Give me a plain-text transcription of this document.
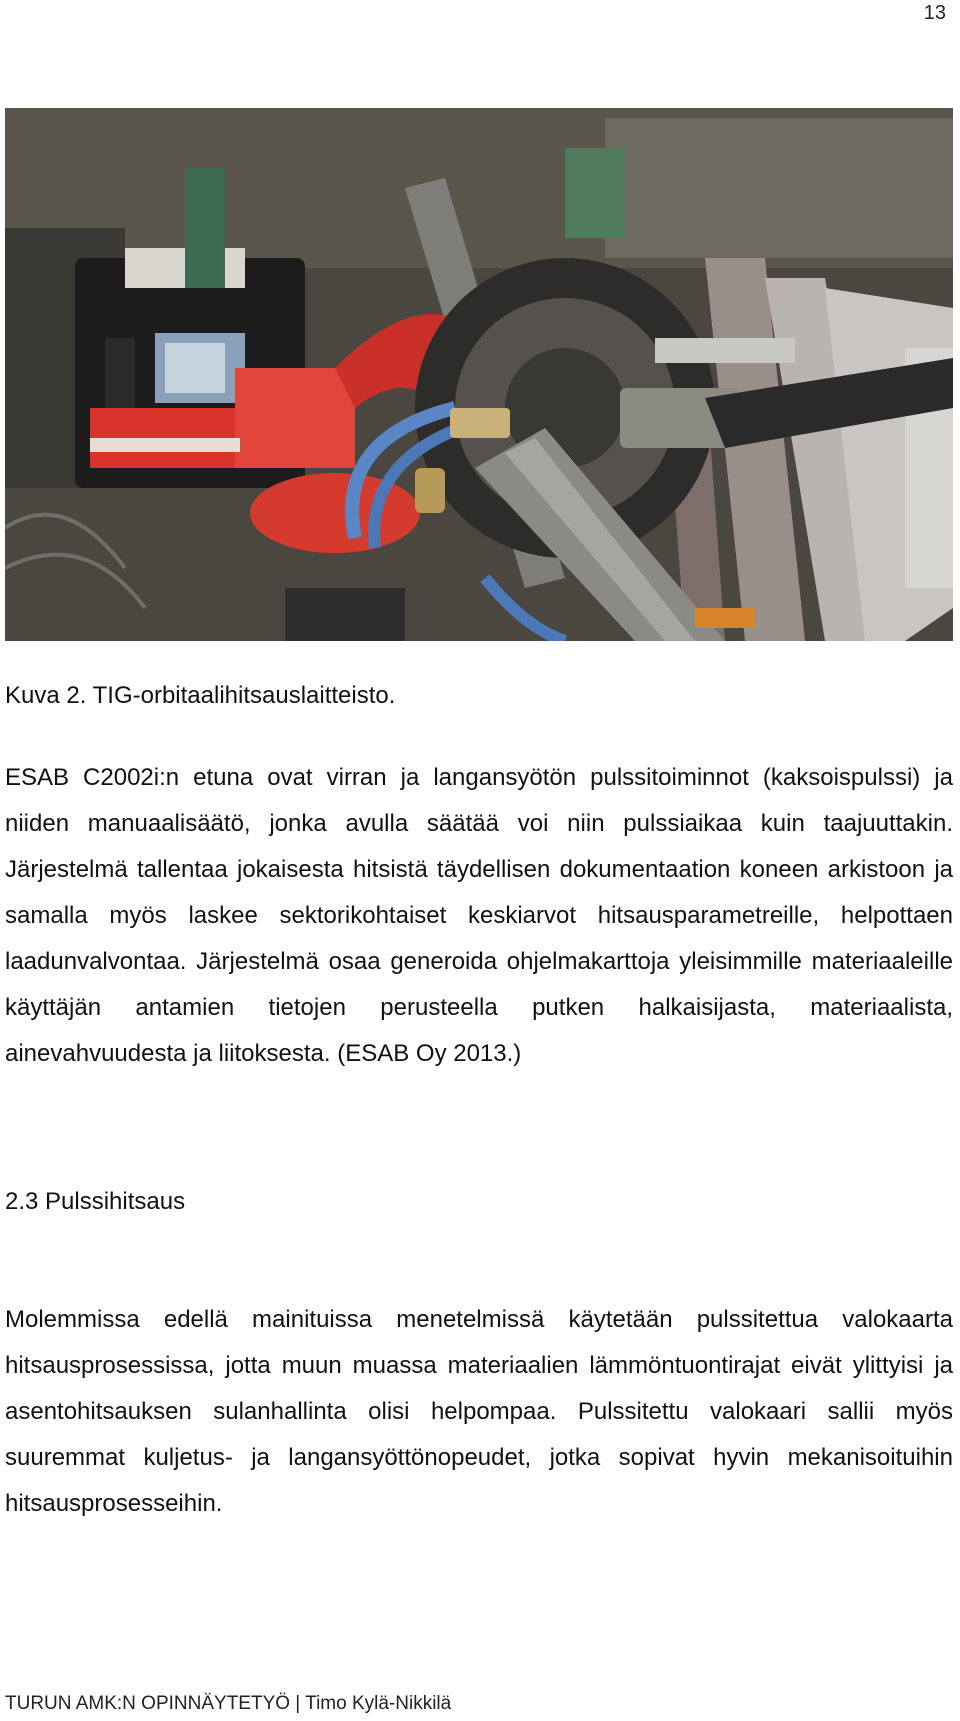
13
Kuva 2. TIG-orbitaalihitsauslaitteisto.

ESAB C2002i:n etuna ovat virran ja langansyötön pulssitoiminnot (kaksoispulssi) ja niiden manuaalisäätö, jonka avulla säätää voi niin pulssiaikaa kuin taajuuttakin. Järjestelmä tallentaa jokaisesta hitsistä täydellisen dokumentaation koneen arkistoon ja samalla myös laskee sektorikohtaiset keskiarvot hitsausparametreille, helpottaen laadunvalvontaa. Järjestelmä osaa generoida ohjelmakarttoja yleisimmille materiaaleille käyttäjän antamien tietojen perusteella putken halkaisijasta, materiaalista, ainevahvuudesta ja liitoksesta. (ESAB Oy 2013.)

2.3 Pulssihitsaus

Molemmissa edellä mainituissa menetelmissä käytetään pulssitettua valokaarta hitsausprosessissa, jotta muun muassa materiaalien lämmöntuontirajat eivät ylittyisi ja asentohitsauksen sulanhallinta olisi helpompaa. Pulssitettu valokaari sallii myös suuremmat kuljetus- ja langansyöttönopeudet, jotka sopivat hyvin mekanisoituihin hitsausprosesseihin.

TURUN AMK:N OPINNÄYTETYÖ | Timo Kylä-Nikkilä
